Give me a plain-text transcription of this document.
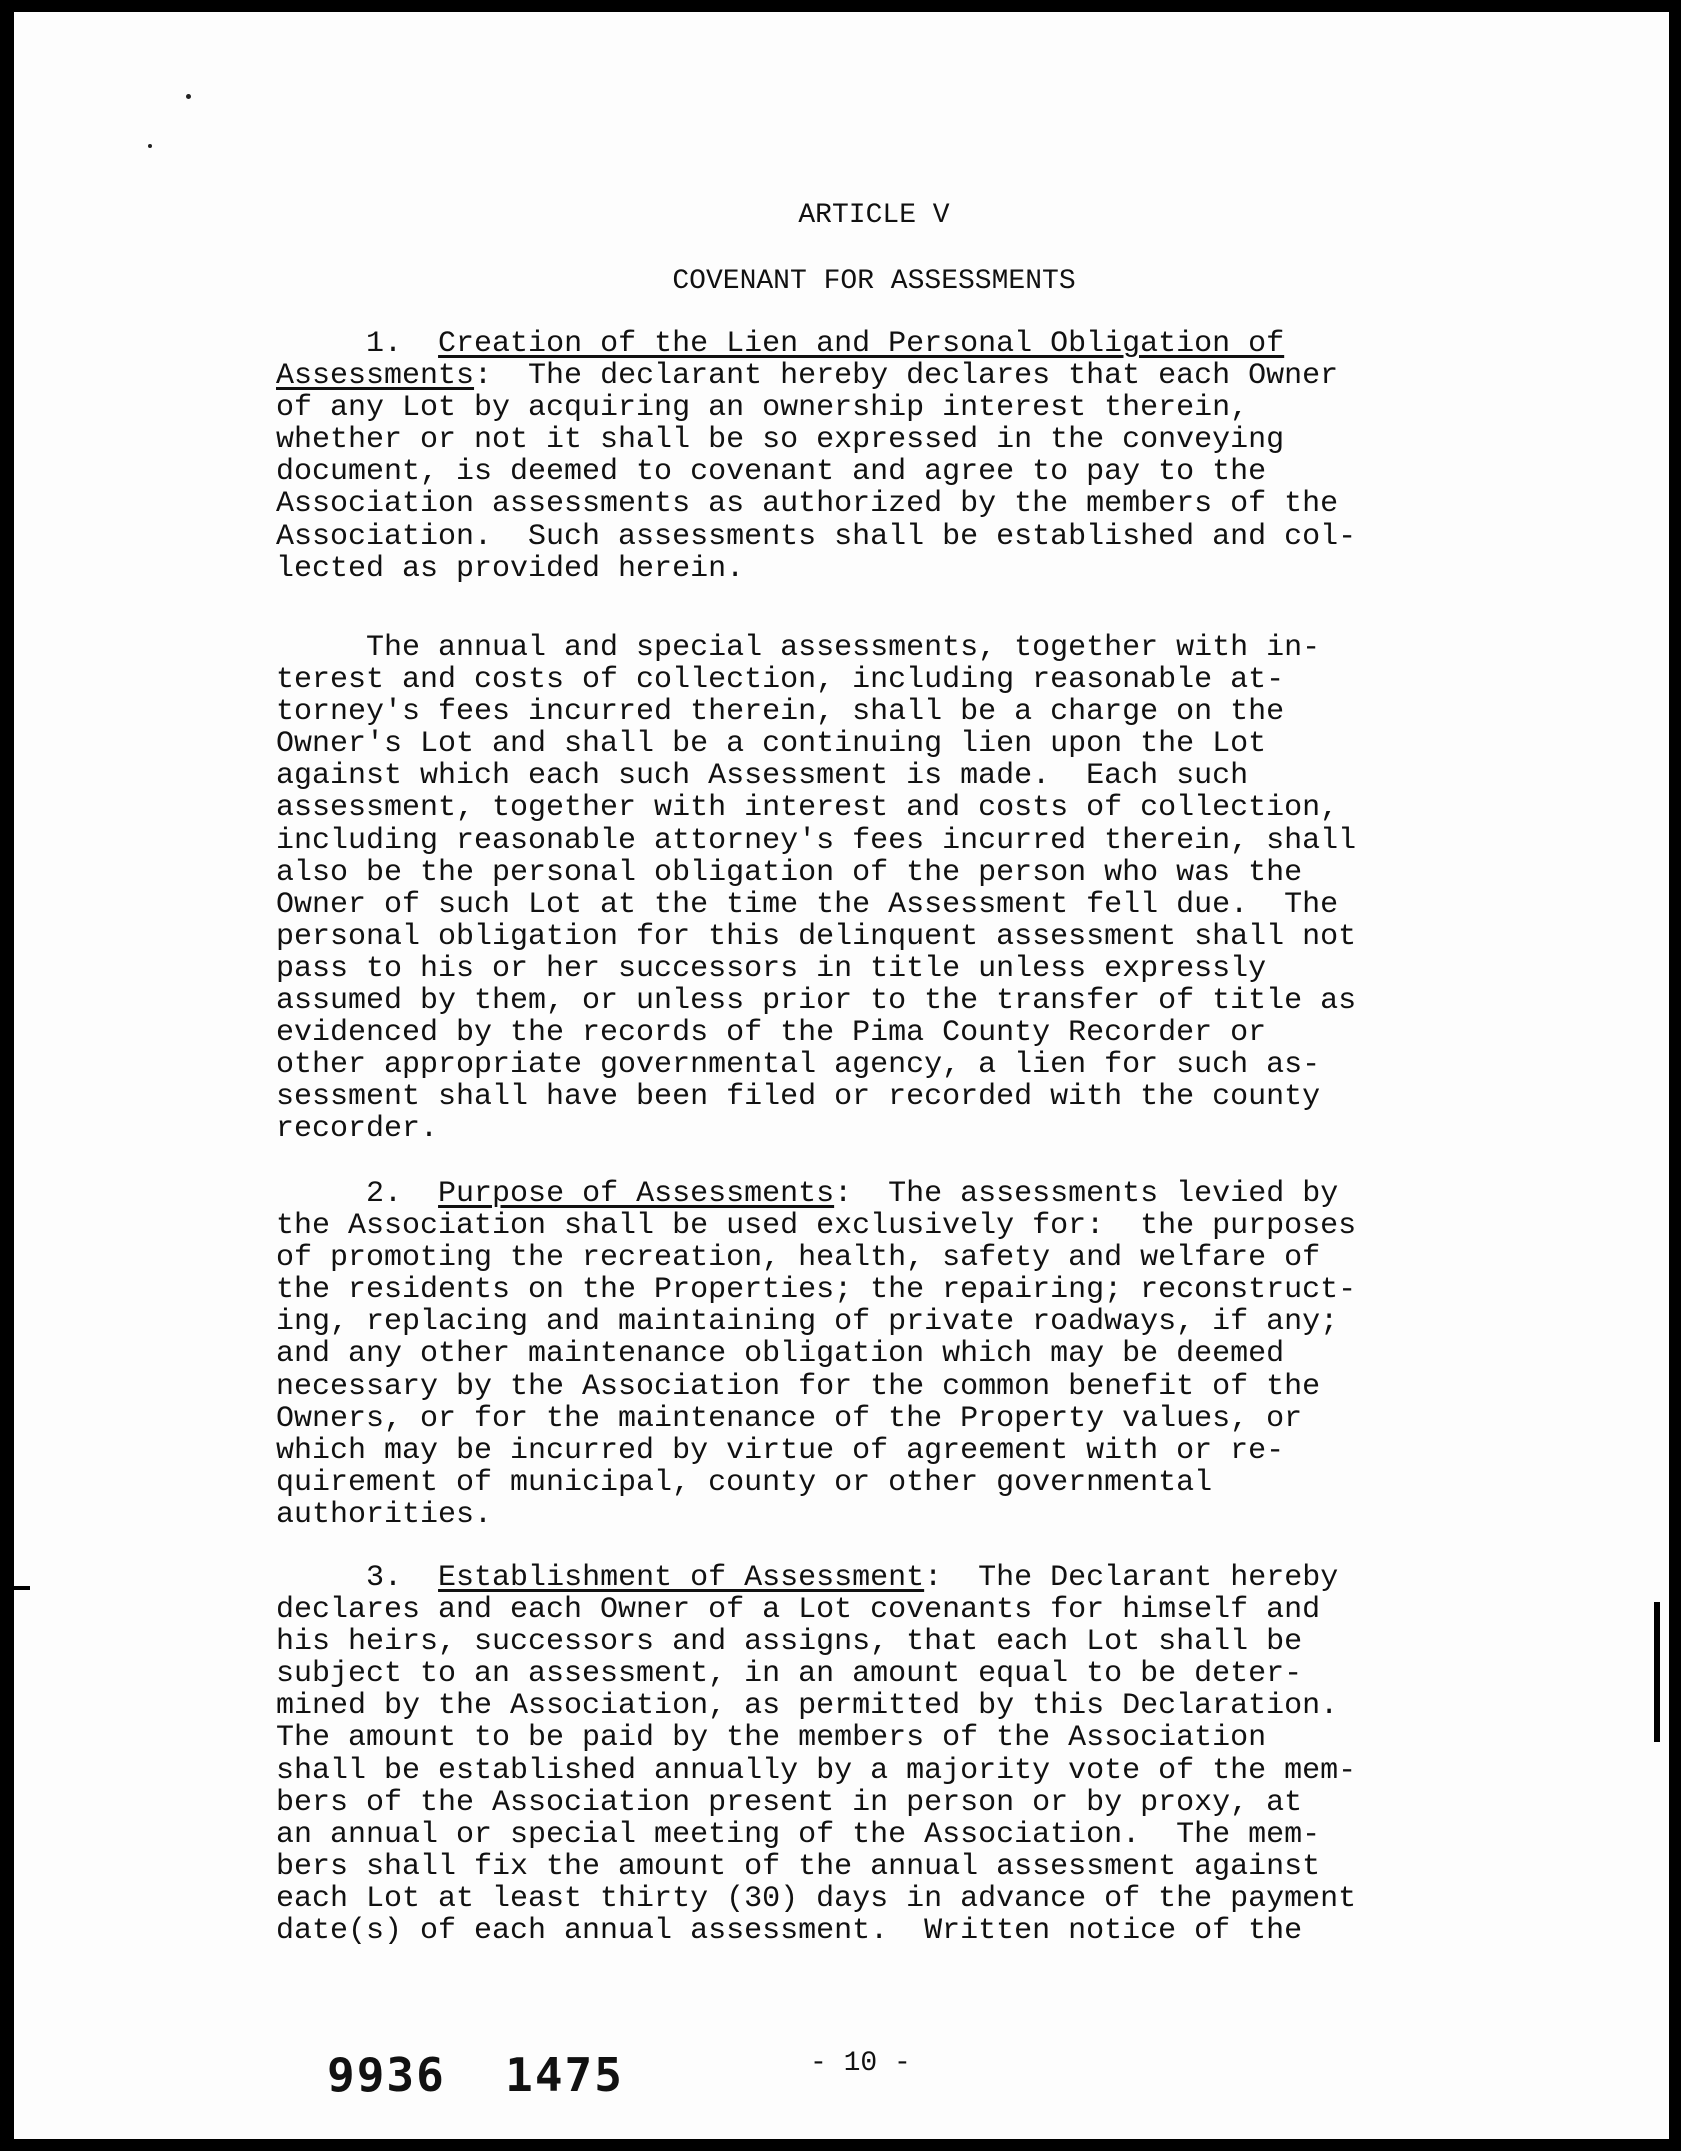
ARTICLE V
COVENANT FOR ASSESSMENTS
1. Creation of the Lien and Personal Obligation of
Assessments:  The declarant hereby declares that each Owner
of any Lot by acquiring an ownership interest therein,
whether or not it shall be so expressed in the conveying
document, is deemed to covenant and agree to pay to the
Association assessments as authorized by the members of the
Association.  Such assessments shall be established and col-
lected as provided herein.
The annual and special assessments, together with in-
terest and costs of collection, including reasonable at-
torney's fees incurred therein, shall be a charge on the
Owner's Lot and shall be a continuing lien upon the Lot
against which each such Assessment is made.  Each such
assessment, together with interest and costs of collection,
including reasonable attorney's fees incurred therein, shall
also be the personal obligation of the person who was the
Owner of such Lot at the time the Assessment fell due.  The
personal obligation for this delinquent assessment shall not
pass to his or her successors in title unless expressly
assumed by them, or unless prior to the transfer of title as
evidenced by the records of the Pima County Recorder or
other appropriate governmental agency, a lien for such as-
sessment shall have been filed or recorded with the county
recorder.
2. Purpose of Assessments:  The assessments levied by
the Association shall be used exclusively for:  the purposes
of promoting the recreation, health, safety and welfare of
the residents on the Properties; the repairing; reconstruct-
ing, replacing and maintaining of private roadways, if any;
and any other maintenance obligation which may be deemed
necessary by the Association for the common benefit of the
Owners, or for the maintenance of the Property values, or
which may be incurred by virtue of agreement with or re-
quirement of municipal, county or other governmental
authorities.
3. Establishment of Assessment:  The Declarant hereby
declares and each Owner of a Lot covenants for himself and
his heirs, successors and assigns, that each Lot shall be
subject to an assessment, in an amount equal to be deter-
mined by the Association, as permitted by this Declaration.
The amount to be paid by the members of the Association
shall be established annually by a majority vote of the mem-
bers of the Association present in person or by proxy, at
an annual or special meeting of the Association.  The mem-
bers shall fix the amount of the annual assessment against
each Lot at least thirty (30) days in advance of the payment
date(s) of each annual assessment.  Written notice of the
9936  1475	- 10 -
